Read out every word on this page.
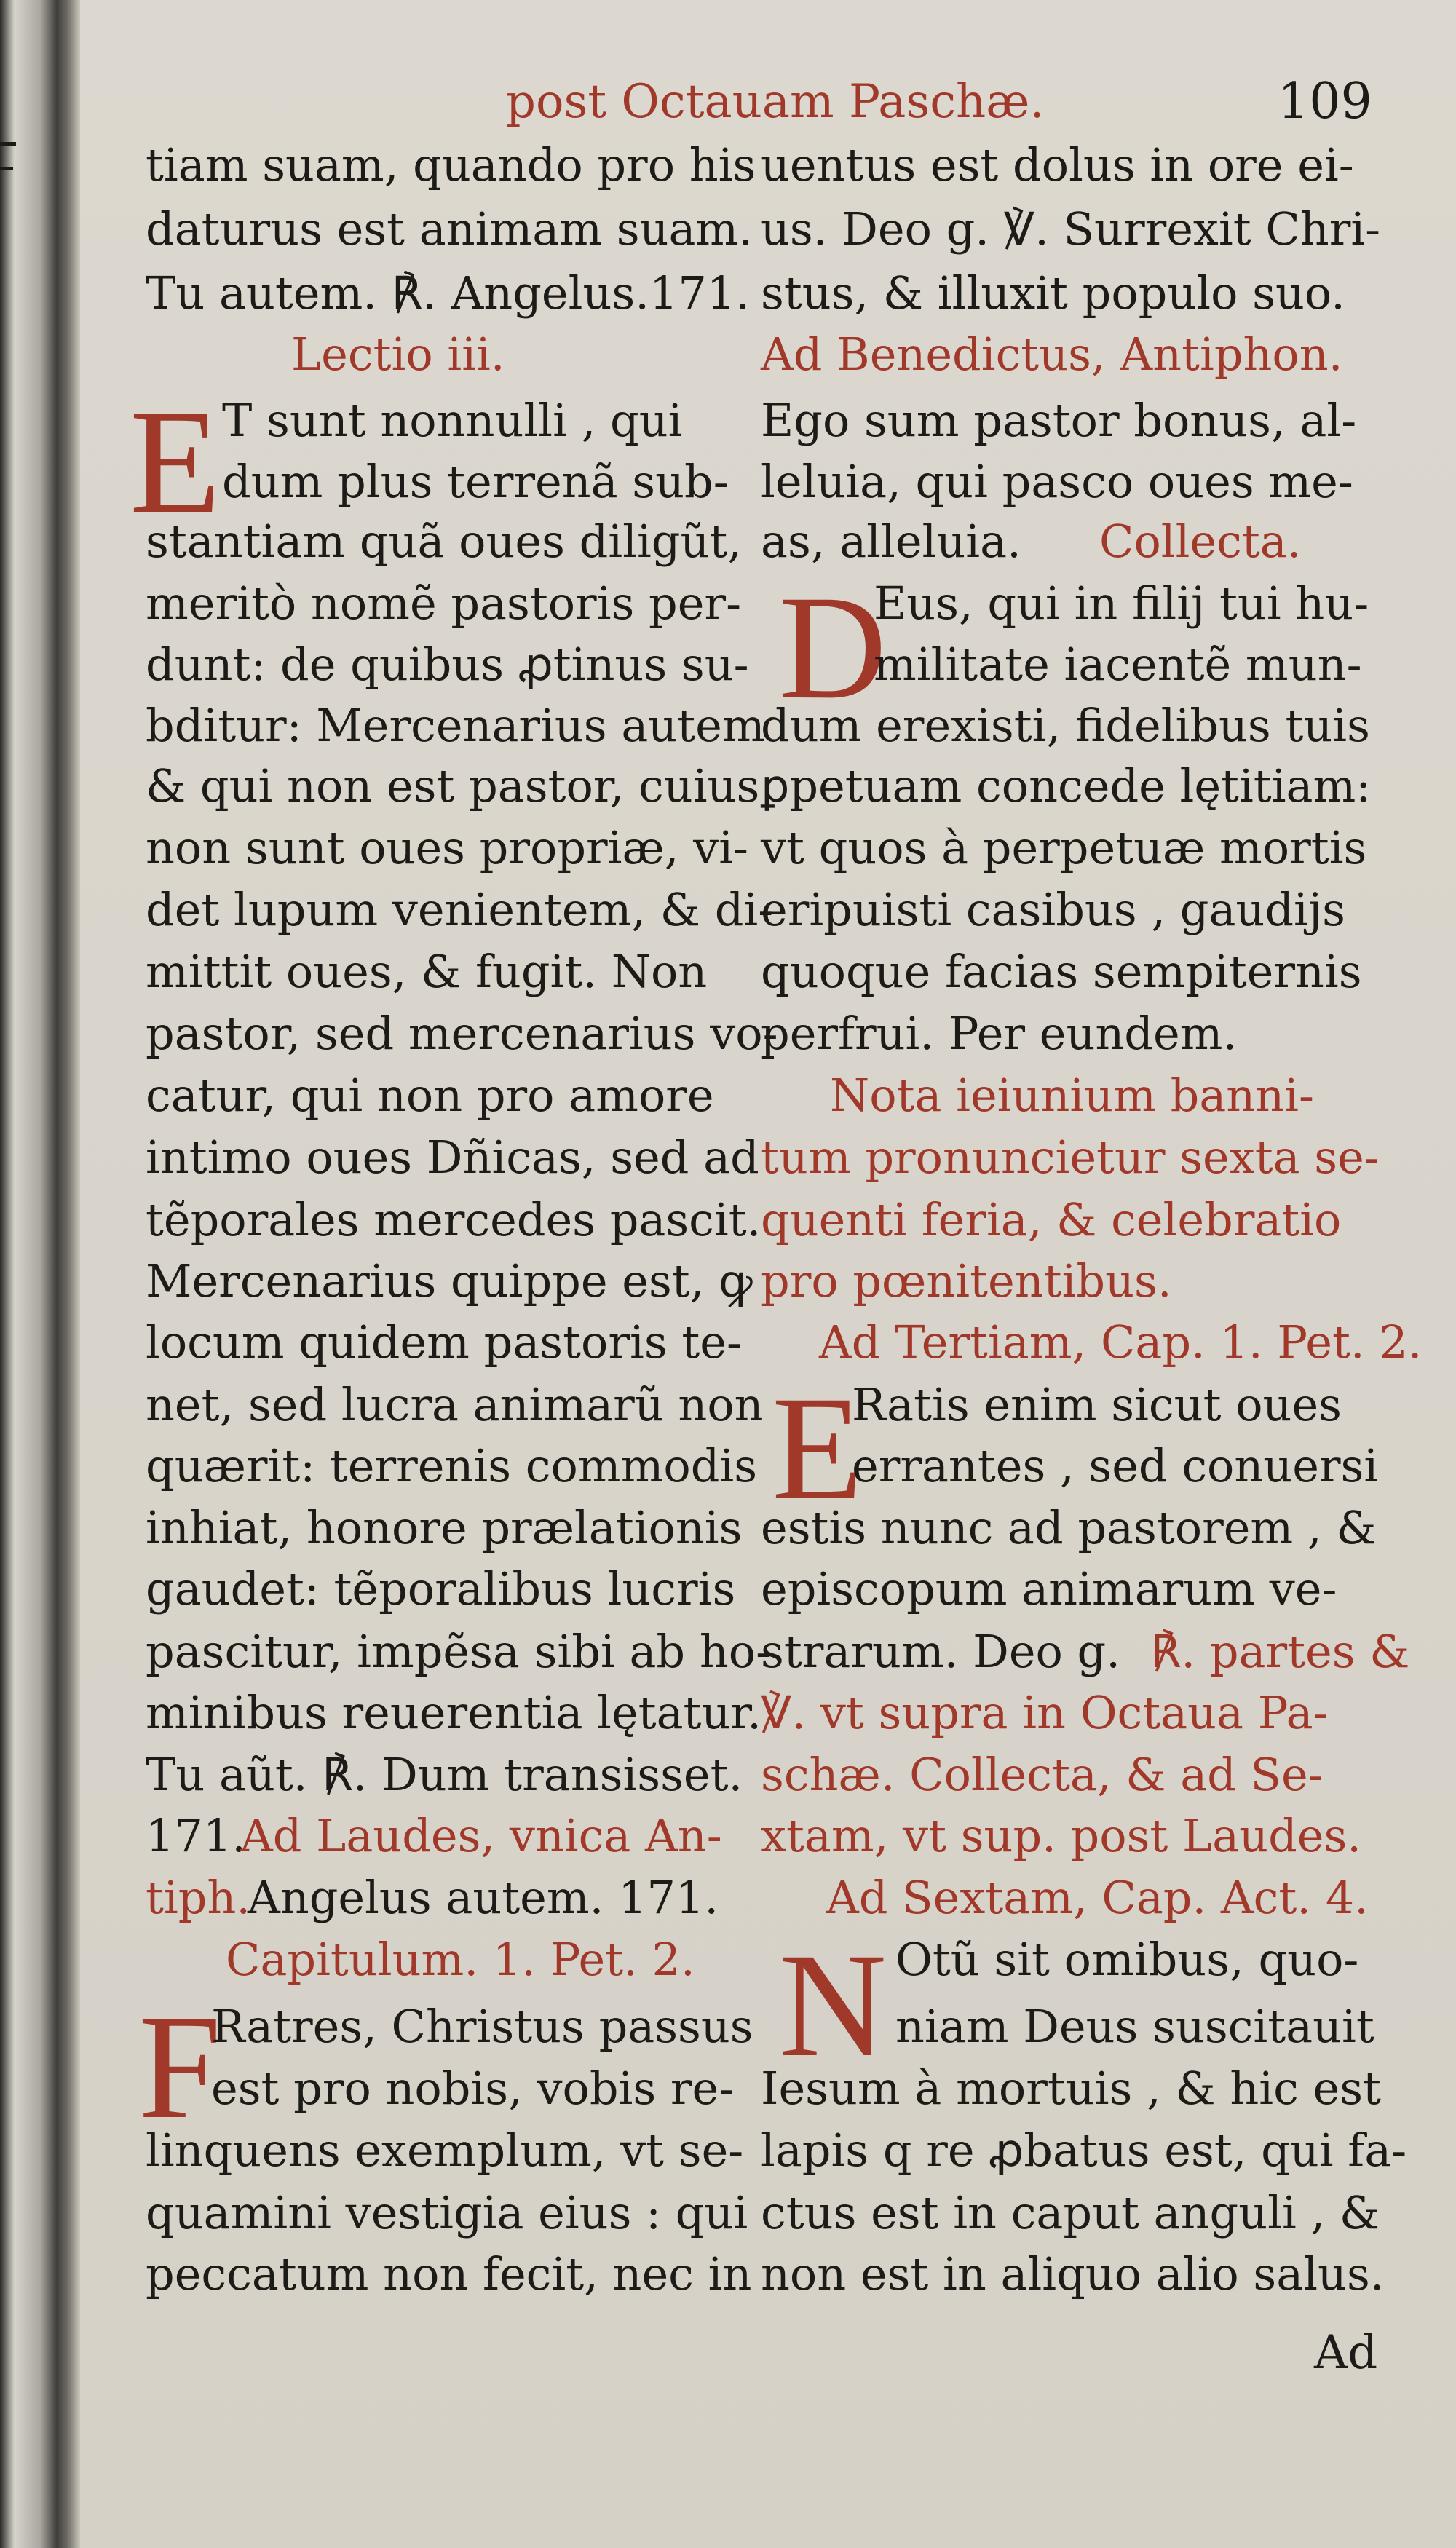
post Octauam Paschæ.	109
tiam suam, quando pro his
daturus est animam suam.
Tu autem. ℟. Angelus.171.
Lectio iii.
E T sunt nonnulli , qui
dum plus terrenã sub-
stantiam quã oues diligũt,
meritò nomẽ pastoris per-
dunt: de quibus ꝓtinus su-
bditur: Mercenarius autem
& qui non est pastor, cuius
non sunt oues propriæ, vi-
det lupum venientem, & di-
mittit oues, & fugit. Non
pastor, sed mercenarius vo-
catur, qui non pro amore
intimo oues Dñicas, sed ad
tẽporales mercedes pascit.
Mercenarius quippe est, ꝙ
locum quidem pastoris te-
net, sed lucra animarũ non
quærit: terrenis commodis
inhiat, honore prælationis
gaudet: tẽporalibus lucris
pascitur, impẽsa sibi ab ho-
minibus reuerentia lętatur.
Tu aũt. ℟. Dum transisset.
171.
Ad Laudes, vnica An-
tiph.
Angelus autem. 171.
Capitulum. 1. Pet. 2.
F
Ratres, Christus passus
est pro nobis, vobis re-
linquens exemplum, vt se-
quamini vestigia eius : qui
peccatum non fecit, nec in
uentus est dolus in ore ei-
us. Deo g. ℣. Surrexit Chri-
stus, & illuxit populo suo.
Ad Benedictus, Antiphon.
Ego sum pastor bonus, al-
leluia, qui pasco oues me-
as, alleluia. Collecta.
D
Eus, qui in filij tui hu-
militate iacentẽ mun-
dum erexisti, fidelibus tuis
ꝑpetuam concede lętitiam:
vt quos à perpetuæ mortis
eripuisti casibus , gaudijs
quoque facias sempiternis
perfrui. Per eundem.
Nota ieiunium banni-
tum pronuncietur sexta se-
quenti feria, & celebratio
pro pœnitentibus.
Ad Tertiam, Cap. 1. Pet. 2.
E
Ratis enim sicut oues
errantes , sed conuersi
estis nunc ad pastorem , &
episcopum animarum ve-
strarum. Deo g. ℟. partes &
℣. vt supra in Octaua Pa-
schæ. Collecta, & ad Se-
xtam, vt sup. post Laudes.
Ad Sextam, Cap. Act. 4.
N Otũ sit omibus, quo-
niam Deus suscitauit
Iesum à mortuis , & hic est
lapis q re ꝓbatus est, qui fa-
ctus est in caput anguli , &
non est in aliquo alio salus.
Ad
